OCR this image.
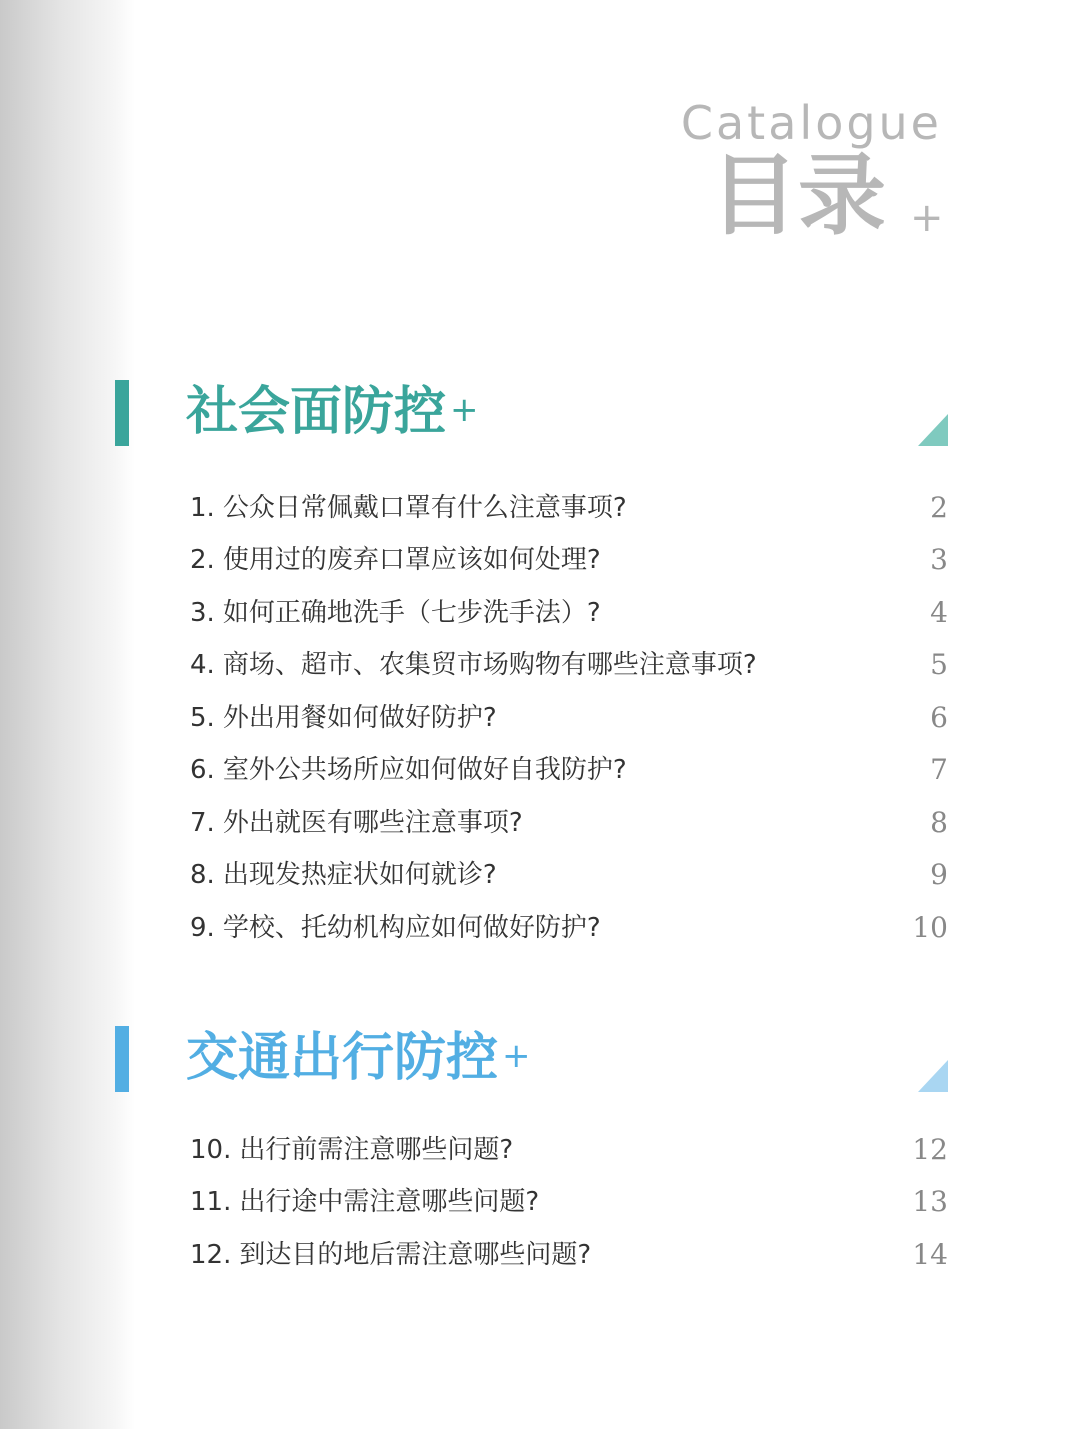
Catalogue
目录 +
社会面防控 +
1. 公众日常佩戴口罩有什么注意事项?	2
2. 使用过的废弃口罩应该如何处理?	3
3. 如何正确地洗手（七步洗手法）?	4
4. 商场、超市、农集贸市场购物有哪些注意事项?	5
5. 外出用餐如何做好防护?	6
6. 室外公共场所应如何做好自我防护?	7
7. 外出就医有哪些注意事项?	8
8. 出现发热症状如何就诊?	9
9. 学校、托幼机构应如何做好防护?	10
交通出行防控 +
10. 出行前需注意哪些问题?	12
11. 出行途中需注意哪些问题?	13
12. 到达目的地后需注意哪些问题?	14
